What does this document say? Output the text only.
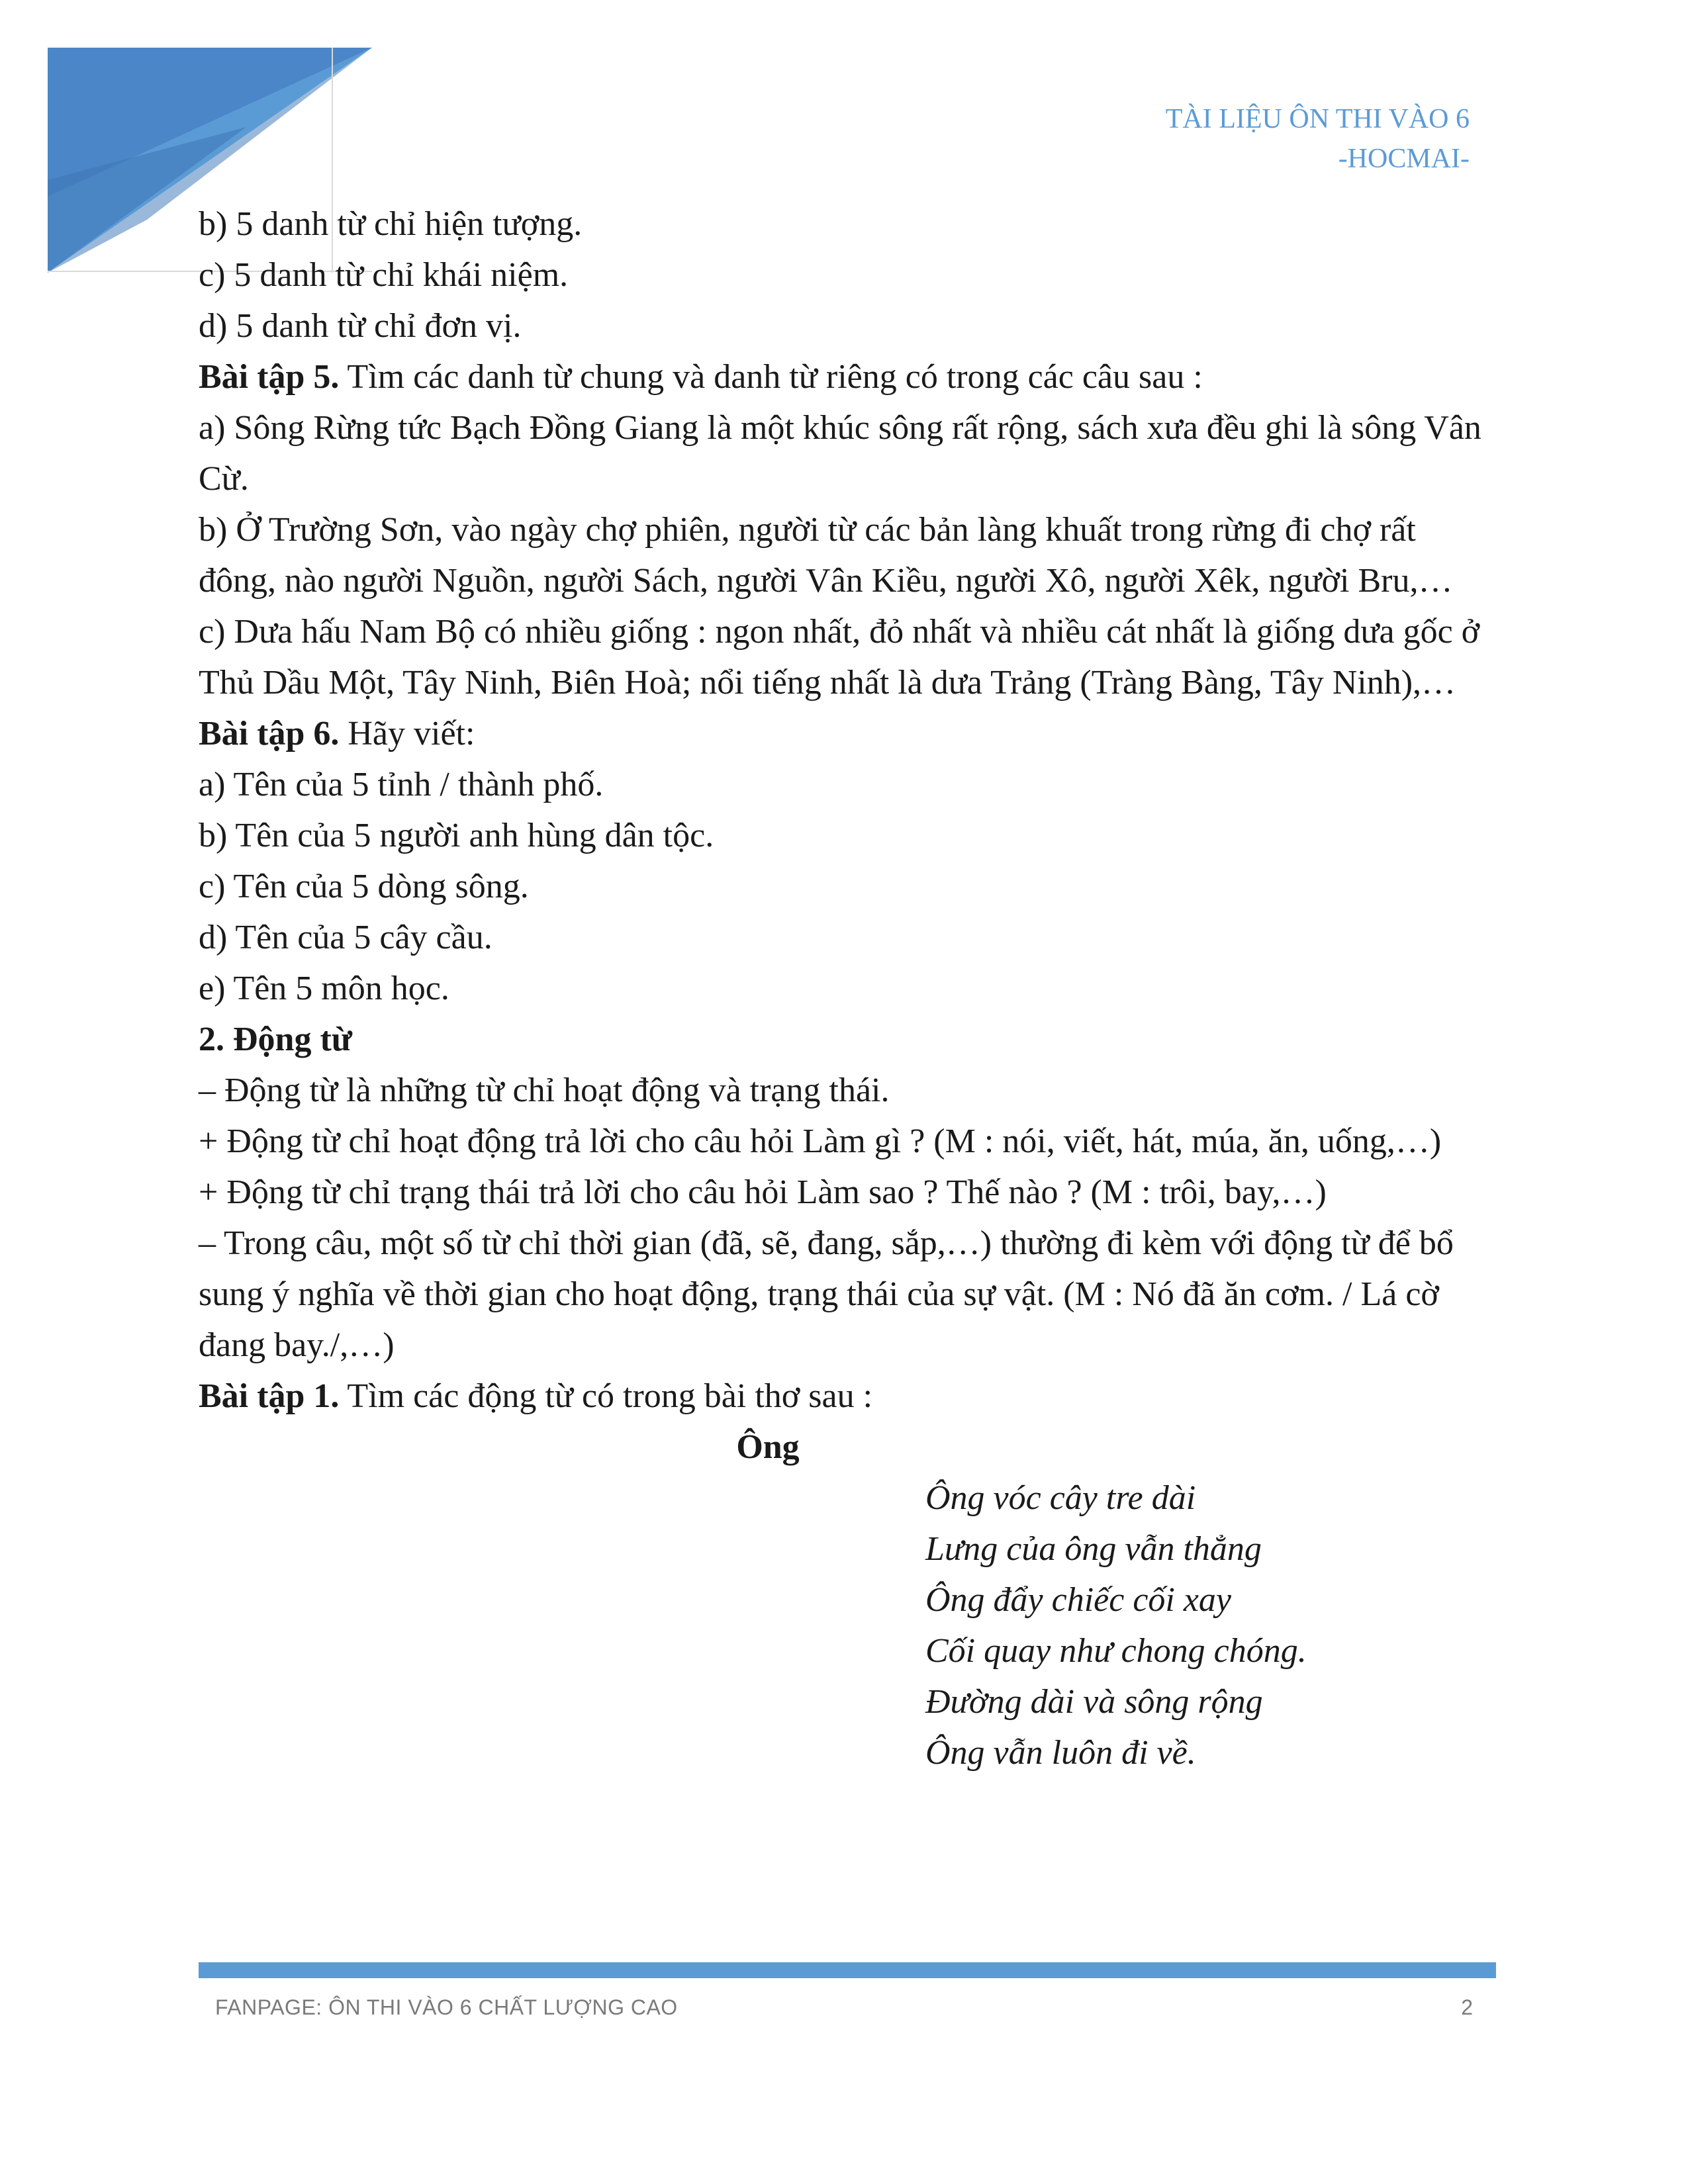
TÀI LIỆU ÔN THI VÀO 6
-HOCMAI-

b) 5 danh từ chỉ hiện tượng.

c) 5 danh từ chỉ khái niệm.

d) 5 danh từ chỉ đơn vị.

Bài tập 5. Tìm các danh từ chung và danh từ riêng có trong các câu sau :

a) Sông Rừng tức Bạch Đồng Giang là một khúc sông rất rộng, sách xưa đều ghi là sông Vân Cừ.

b) Ở Trường Sơn, vào ngày chợ phiên, người từ các bản làng khuất trong rừng đi chợ rất đông, nào người Nguồn, người Sách, người Vân Kiều, người Xô, người Xêk, người Bru,…

c) Dưa hấu Nam Bộ có nhiều giống : ngon nhất, đỏ nhất và nhiều cát nhất là giống dưa gốc ở Thủ Dầu Một, Tây Ninh, Biên Hoà; nổi tiếng nhất là dưa Trảng (Tràng Bàng, Tây Ninh),…

Bài tập 6. Hãy viết:

a) Tên của 5 tỉnh / thành phố.

b) Tên của 5 người anh hùng dân tộc.

c) Tên của 5 dòng sông.

d) Tên của 5 cây cầu.

e) Tên 5 môn học.

2. Động từ

– Động từ là những từ chỉ hoạt động và trạng thái.

+ Động từ chỉ hoạt động trả lời cho câu hỏi Làm gì ? (M : nói, viết, hát, múa, ăn, uống,…)

+ Động từ chỉ trạng thái trả lời cho câu hỏi Làm sao ? Thế nào ? (M : trôi, bay,…)

– Trong câu, một số từ chỉ thời gian (đã, sẽ, đang, sắp,…) thường đi kèm với động từ để bổ sung ý nghĩa về thời gian cho hoạt động, trạng thái của sự vật. (M : Nó đã ăn cơm. / Lá cờ đang bay./,…)

Bài tập 1. Tìm các động từ có trong bài thơ sau :

Ông

Ông vóc cây tre dài

Lưng của ông vẫn thẳng

Ông đẩy chiếc cối xay

Cối quay như chong chóng.

Đường dài và sông rộng

Ông vẫn luôn đi về.

FANPAGE: ÔN THI VÀO 6 CHẤT LƯỢNG CAO	2
